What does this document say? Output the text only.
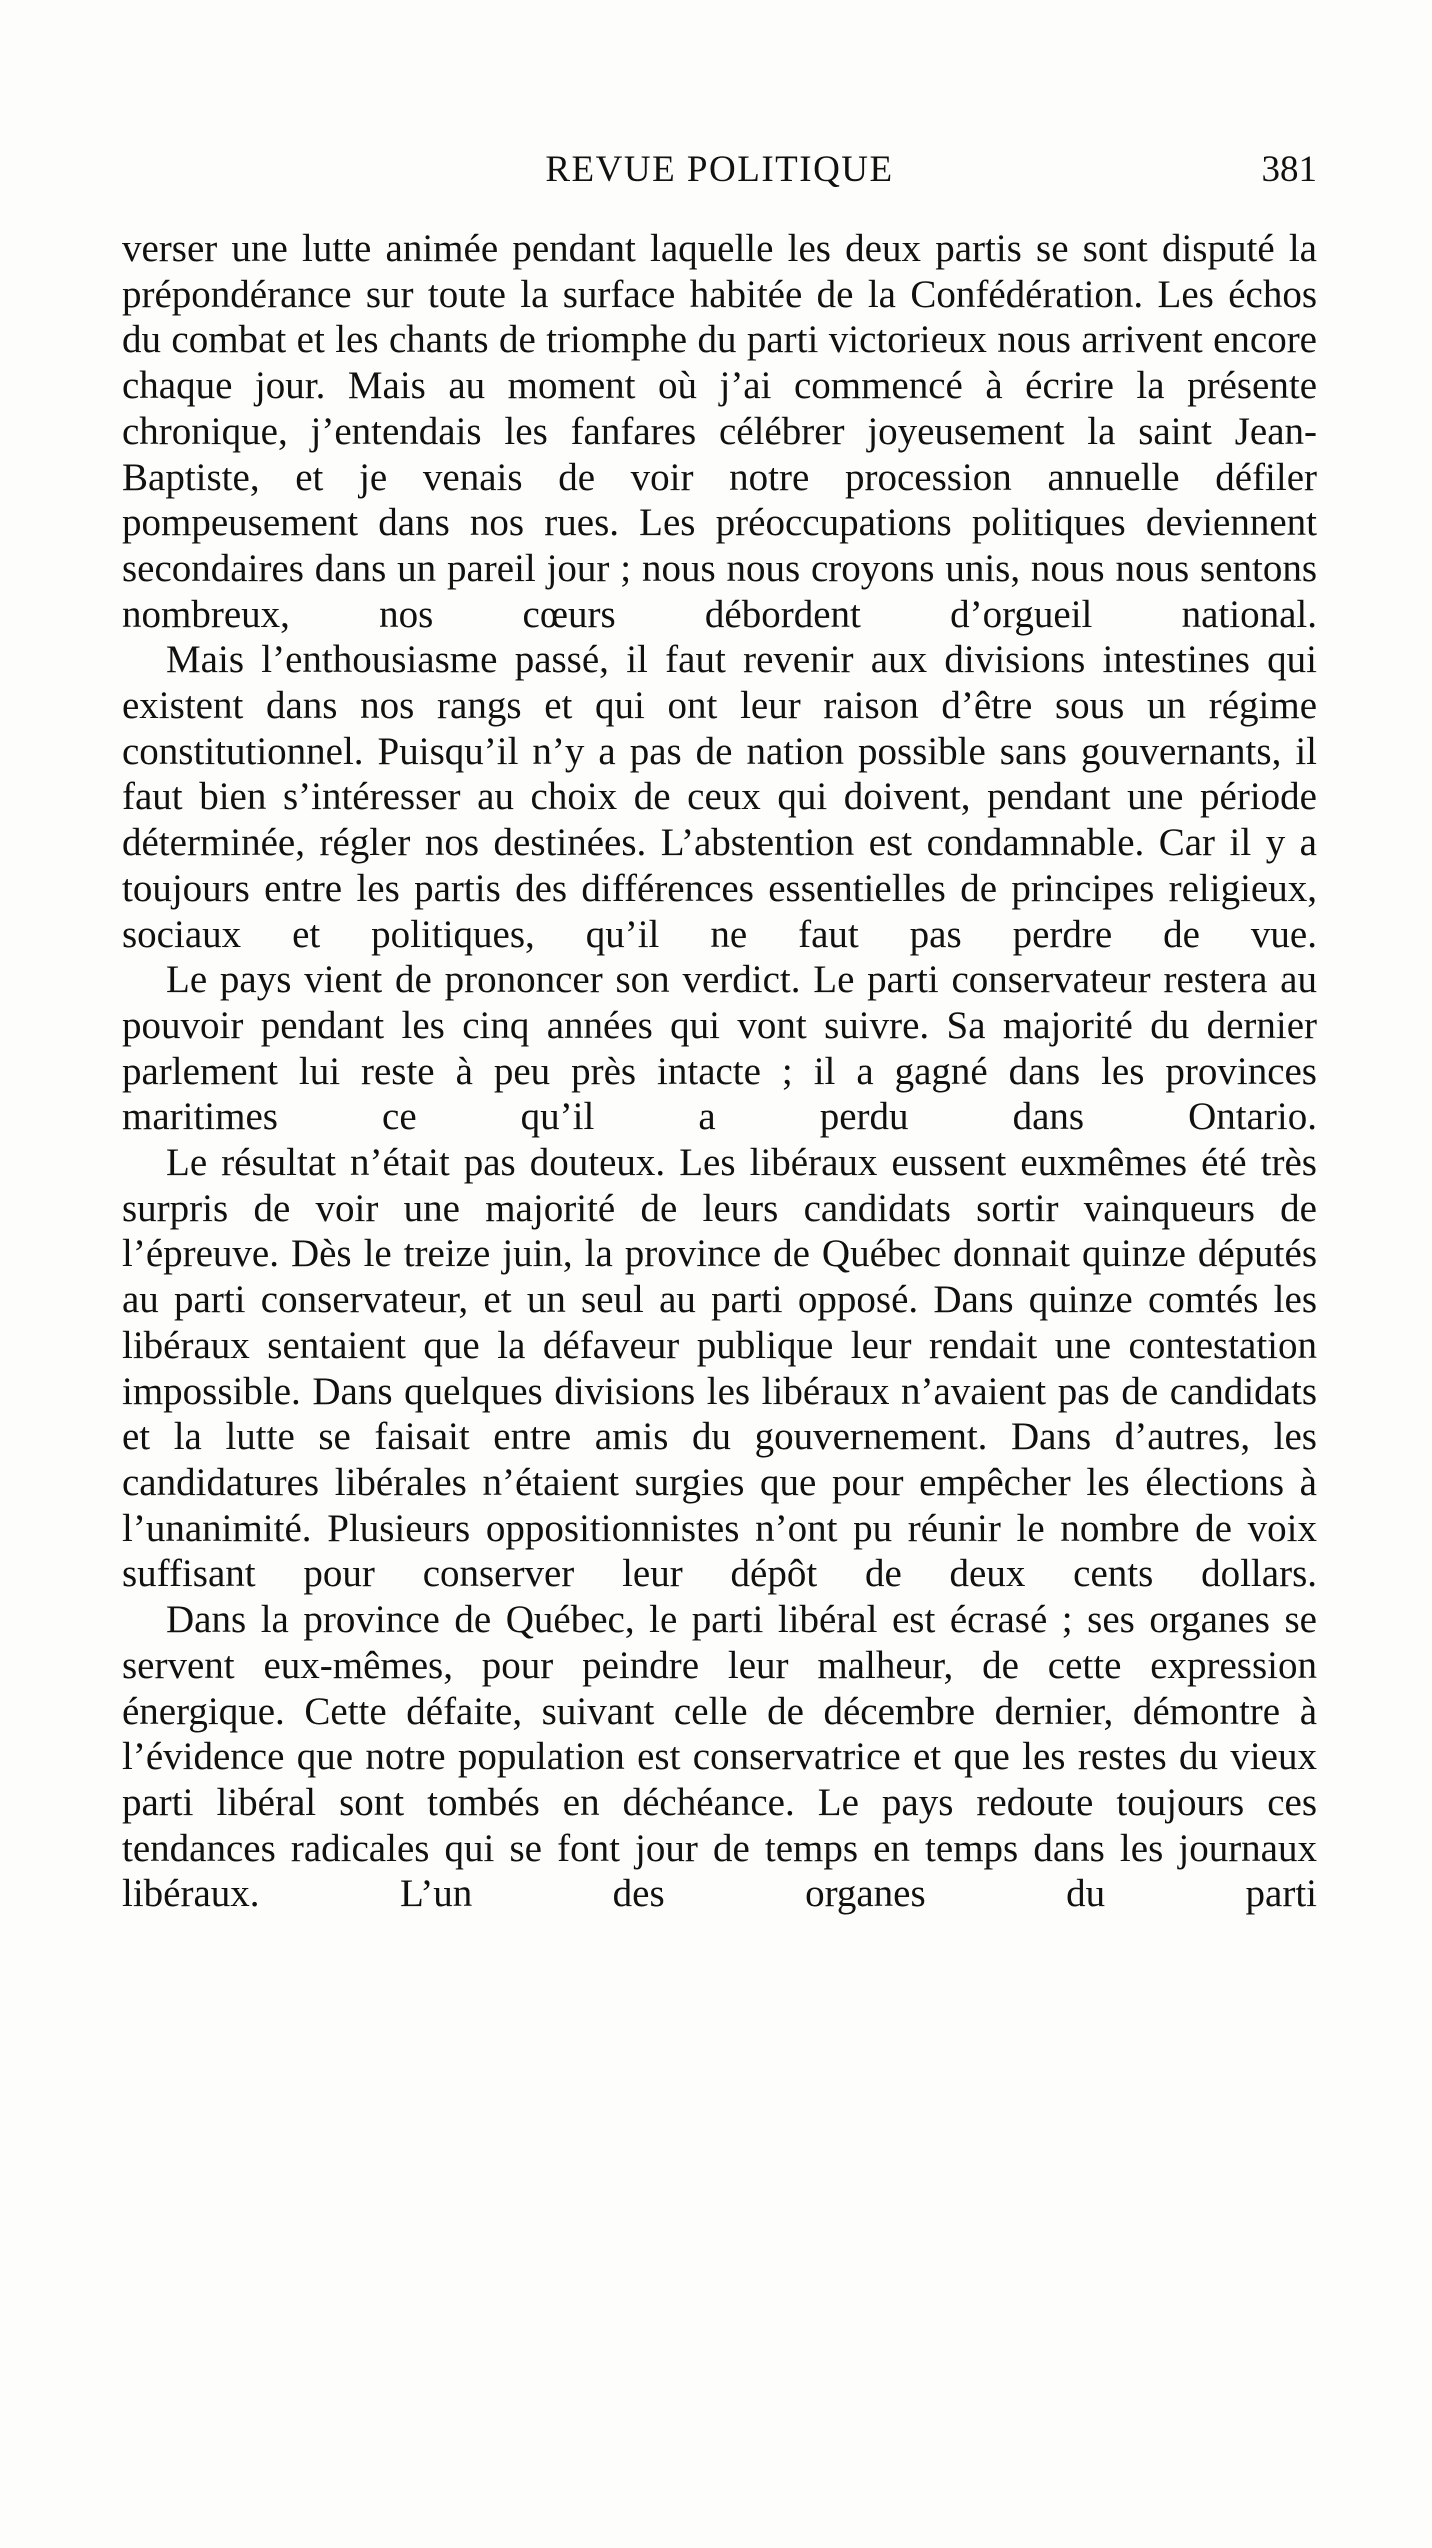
REVUE POLITIQUE	381

verser une lutte animée pendant laquelle les deux partis se sont disputé la prépondérance sur toute la surface habitée de la Confédération. Les échos du combat et les chants de triomphe du parti victorieux nous arrivent encore chaque jour. Mais au moment où j’ai commencé à écrire la présente chronique, j’entendais les fanfares célébrer joyeusement la saint Jean-Baptiste, et je venais de voir notre procession annuelle défiler pompeusement dans nos rues. Les préoccupations politiques deviennent secondaires dans un pareil jour ; nous nous croyons unis, nous nous sentons nombreux, nos cœurs débordent d’orgueil national.

Mais l’enthousiasme passé, il faut revenir aux divisions intestines qui existent dans nos rangs et qui ont leur raison d’être sous un régime constitutionnel. Puisqu’il n’y a pas de nation possible sans gouvernants, il faut bien s’intéresser au choix de ceux qui doivent, pendant une période déterminée, régler nos destinées. L’abstention est condamnable. Car il y a toujours entre les partis des différences essentielles de principes religieux, sociaux et politiques, qu’il ne faut pas perdre de vue.

Le pays vient de prononcer son verdict. Le parti conservateur restera au pouvoir pendant les cinq années qui vont suivre. Sa majorité du dernier parlement lui reste à peu près intacte ; il a gagné dans les provinces maritimes ce qu’il a perdu dans Ontario.

Le résultat n’était pas douteux. Les libéraux eussent euxmêmes été très surpris de voir une majorité de leurs candidats sortir vainqueurs de l’épreuve. Dès le treize juin, la province de Québec donnait quinze députés au parti conservateur, et un seul au parti opposé. Dans quinze comtés les libéraux sentaient que la défaveur publique leur rendait une contestation impossible. Dans quelques divisions les libéraux n’avaient pas de candidats et la lutte se faisait entre amis du gouvernement. Dans d’autres, les candidatures libérales n’étaient surgies que pour empêcher les élections à l’unanimité. Plusieurs oppositionnistes n’ont pu réunir le nombre de voix suffisant pour conserver leur dépôt de deux cents dollars.

Dans la province de Québec, le parti libéral est écrasé ; ses organes se servent eux-mêmes, pour peindre leur malheur, de cette expression énergique. Cette défaite, suivant celle de décembre dernier, démontre à l’évidence que notre population est conservatrice et que les restes du vieux parti libéral sont tombés en déchéance. Le pays redoute toujours ces tendances radicales qui se font jour de temps en temps dans les journaux libéraux. L’un des organes du parti
